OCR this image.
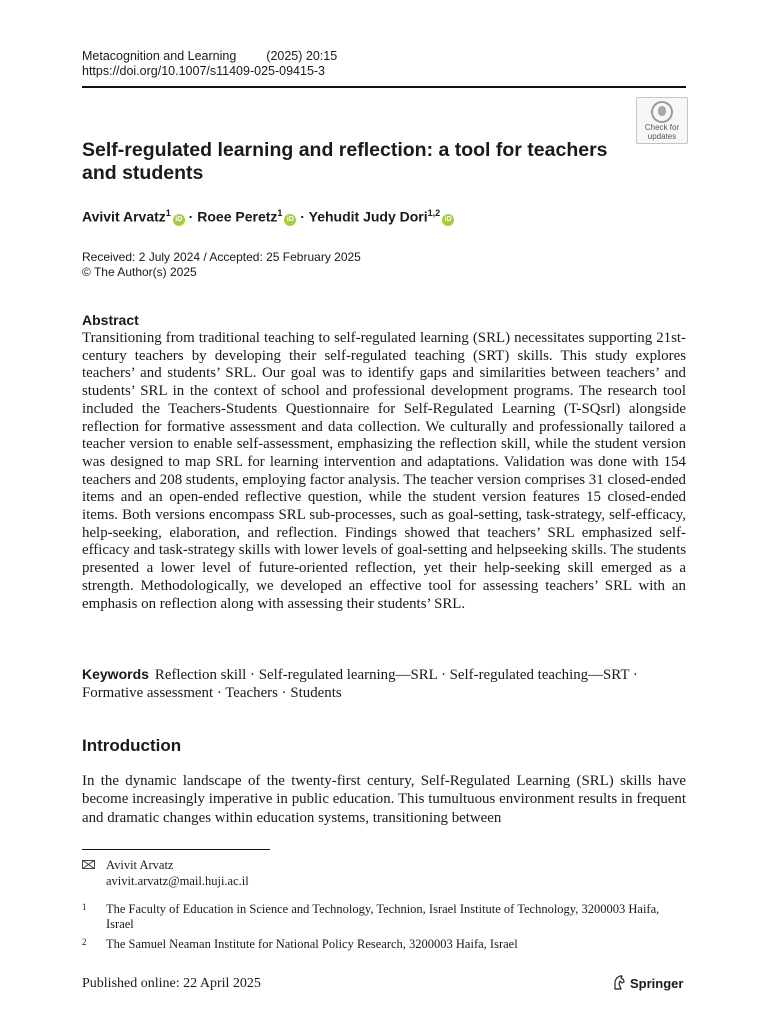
Metacognition and Learning (2025) 20:15
https://doi.org/10.1007/s11409-025-09415-3
Check for
updates
Self-regulated learning and reflection: a tool for teachers and students
Avivit Arvatz$^1$iD · Roee Peretz$^1$iD · Yehudit Judy Dori$^{1,2}$iD
Received: 2 July 2024 / Accepted: 25 February 2025
© The Author(s) 2025
Abstract
Transitioning from traditional teaching to self-regulated learning (SRL) necessitates supporting 21st-century teachers by developing their self-regulated teaching (SRT) skills. This study explores teachers’ and students’ SRL. Our goal was to identify gaps and similarities between teachers’ and students’ SRL in the context of school and professional development programs. The research tool included the Teachers-Students Questionnaire for Self-Regulated Learning (T-SQsrl) alongside reflection for formative assessment and data collection. We culturally and professionally tailored a teacher version to enable self-assessment, emphasizing the reflection skill, while the student version was designed to map SRL for learning intervention and adaptations. Validation was done with 154 teachers and 208 students, employing factor analysis. The teacher version comprises 31 closed-ended items and an open-ended reflective question, while the student version features 15 closed-ended items. Both versions encompass SRL sub-processes, such as goal-setting, task-strategy, self-efficacy, help-seeking, elaboration, and reflection. Findings showed that teachers’ SRL emphasized self-efficacy and task-strategy skills with lower levels of goal-setting and helpseeking skills. The students presented a lower level of future-oriented reflection, yet their help-seeking skill emerged as a strength. Methodologically, we developed an effective tool for assessing teachers’ SRL with an emphasis on reflection along with assessing their students’ SRL.
Keywords Reflection skill · Self-regulated learning—SRL · Self-regulated teaching—SRT · Formative assessment · Teachers · Students
Introduction
In the dynamic landscape of the twenty-first century, Self-Regulated Learning (SRL) skills have become increasingly imperative in public education. This tumultuous environment results in frequent and dramatic changes within education systems, transitioning between
Avivit Arvatz
avivit.arvatz@mail.huji.ac.il
1 The Faculty of Education in Science and Technology, Technion, Israel Institute of Technology, 3200003 Haifa, Israel
2 The Samuel Neaman Institute for National Policy Research, 3200003 Haifa, Israel
Published online: 22 April 2025	Springer
